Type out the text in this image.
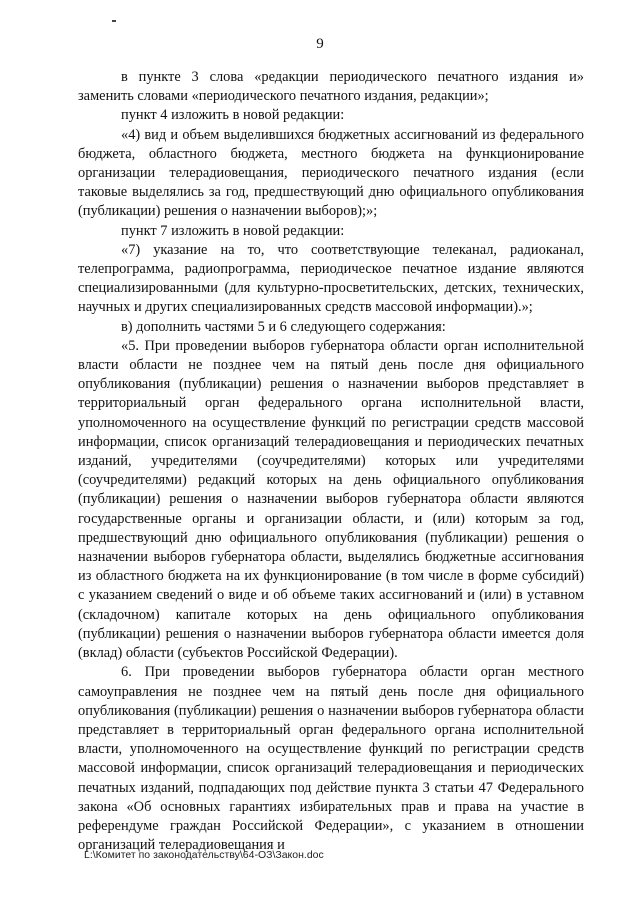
9

в пункте 3 слова «редакции периодического печатного издания и» заменить словами «периодического печатного издания, редакции»;

пункт 4 изложить в новой редакции:

«4) вид и объем выделившихся бюджетных ассигнований из федерального бюджета, областного бюджета, местного бюджета на функционирование организации телерадиовещания, периодического печатного издания (если таковые выделялись за год, предшествующий дню официального опубликования (публикации) решения о назначении выборов);»;

пункт 7 изложить в новой редакции:

«7) указание на то, что соответствующие телеканал, радиоканал, телепрограмма, радиопрограмма, периодическое печатное издание являются специализированными (для культурно-просветительских, детских, технических, научных и других специализированных средств массовой информации).»;

в) дополнить частями 5 и 6 следующего содержания:

«5. При проведении выборов губернатора области орган исполнительной власти области не позднее чем на пятый день после дня официального опубликования (публикации) решения о назначении выборов представляет в территориальный орган федерального органа исполнительной власти, уполномоченного на осуществление функций по регистрации средств массовой информации, список организаций телерадиовещания и периодических печатных изданий, учредителями (соучредителями) которых или учредителями (соучредителями) редакций которых на день официального опубликования (публикации) решения о назначении выборов губернатора области являются государственные органы и организации области, и (или) которым за год, предшествующий дню официального опубликования (публикации) решения о назначении выборов губернатора области, выделялись бюджетные ассигнования из областного бюджета на их функционирование (в том числе в форме субсидий) с указанием сведений о виде и об объеме таких ассигнований и (или) в уставном (складочном) капитале которых на день официального опубликования (публикации) решения о назначении выборов губернатора области имеется доля (вклад) области (субъектов Российской Федерации).

6. При проведении выборов губернатора области орган местного самоуправления не позднее чем на пятый день после дня официального опубликования (публикации) решения о назначении выборов губернатора области представляет в территориальный орган федерального органа исполнительной власти, уполномоченного на осуществление функций по регистрации средств массовой информации, список организаций телерадиовещания и периодических печатных изданий, подпадающих под действие пункта 3 статьи 47 Федерального закона «Об основных гарантиях избирательных прав и права на участие в референдуме граждан Российской Федерации», с указанием в отношении организаций телерадиовещания и

L:\Комитет по законодательству\64-ОЗ\Закон.doc
